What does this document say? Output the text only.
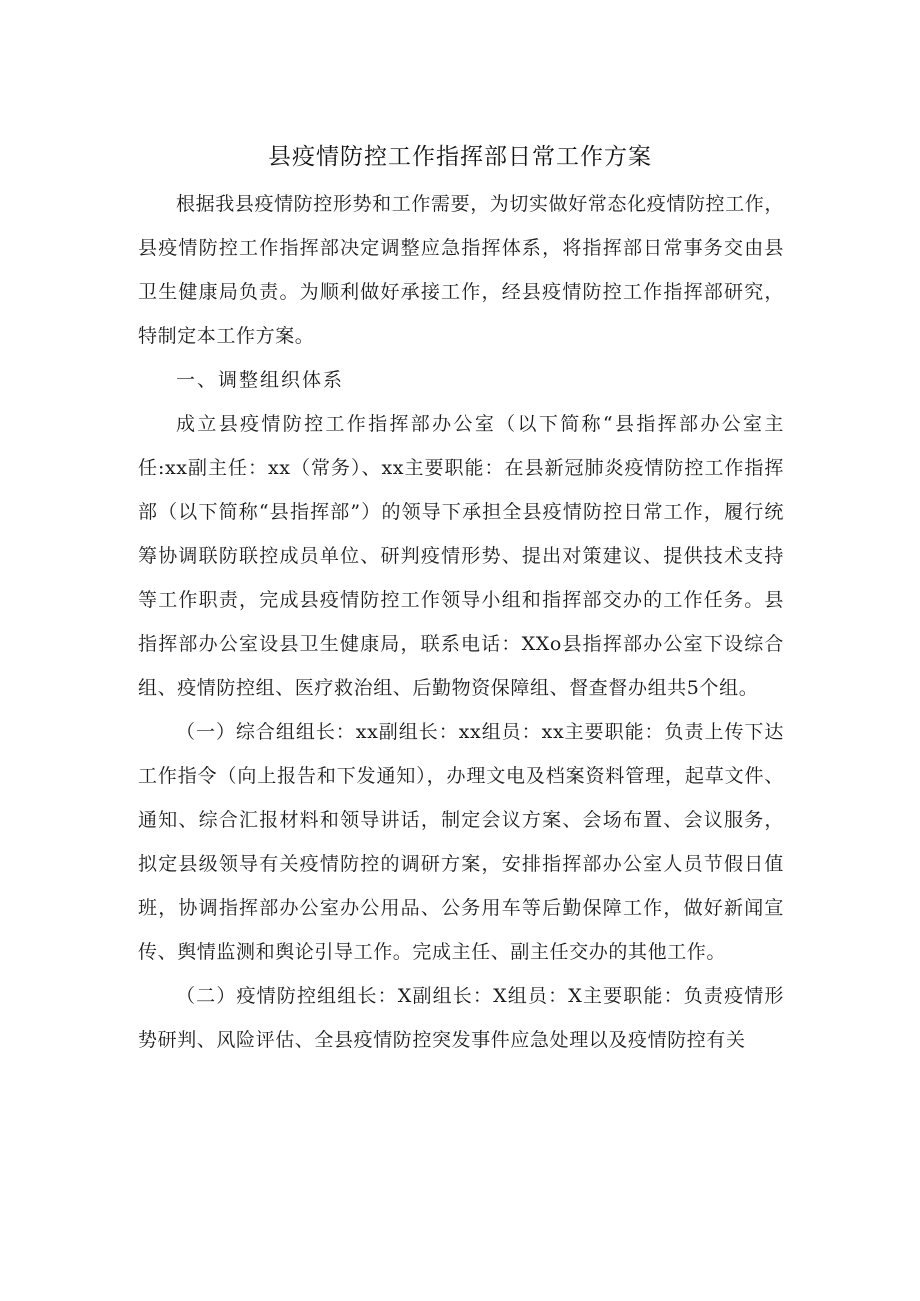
县疫情防控工作指挥部日常工作方案

根据我县疫情防控形势和工作需要，为切实做好常态化疫情防控工作，县疫情防控工作指挥部决定调整应急指挥体系，将指挥部日常事务交由县卫生健康局负责。为顺利做好承接工作，经县疫情防控工作指挥部研究，特制定本工作方案。

一、调整组织体系

成立县疫情防控工作指挥部办公室（以下简称“县指挥部办公室主任:xx副主任：xx（常务）、xx主要职能：在县新冠肺炎疫情防控工作指挥部（以下简称“县指挥部”）的领导下承担全县疫情防控日常工作，履行统筹协调联防联控成员单位、研判疫情形势、提出对策建议、提供技术支持等工作职责，完成县疫情防控工作领导小组和指挥部交办的工作任务。县指挥部办公室设县卫生健康局，联系电话：XXo县指挥部办公室下设综合组、疫情防控组、医疗救治组、后勤物资保障组、督查督办组共5个组。

（一）综合组组长：xx副组长：xx组员：xx主要职能：负责上传下达工作指令（向上报告和下发通知），办理文电及档案资料管理，起草文件、通知、综合汇报材料和领导讲话，制定会议方案、会场布置、会议服务，拟定县级领导有关疫情防控的调研方案，安排指挥部办公室人员节假日值班，协调指挥部办公室办公用品、公务用车等后勤保障工作，做好新闻宣传、舆情监测和舆论引导工作。完成主任、副主任交办的其他工作。

（二）疫情防控组组长：X副组长：X组员：X主要职能：负责疫情形势研判、风险评估、全县疫情防控突发事件应急处理以及疫情防控有关
